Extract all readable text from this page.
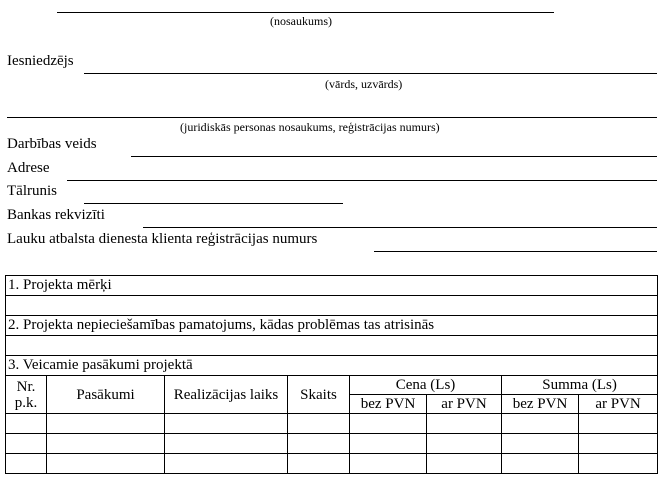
(nosaukums)
Iesniedzējs
(vārds, uzvārds)
(juridiskās personas nosaukums, reģistrācijas numurs)
Darbības veids
Adrese
Tālrunis
Bankas rekvizīti
Lauku atbalsta dienesta klienta reģistrācijas numurs
1. Projekta mērķi							

2. Projekta nepieciešamības pamatojums, kādas problēmas tas atrisinās							

3. Veicamie pasākumi projektā							
Nr. p.k.	Pasākumi	Realizācijas laiks	Skaits	Cena (Ls)		Summa (Ls)	
				bez PVN	ar PVN	bez PVN	ar PVN
